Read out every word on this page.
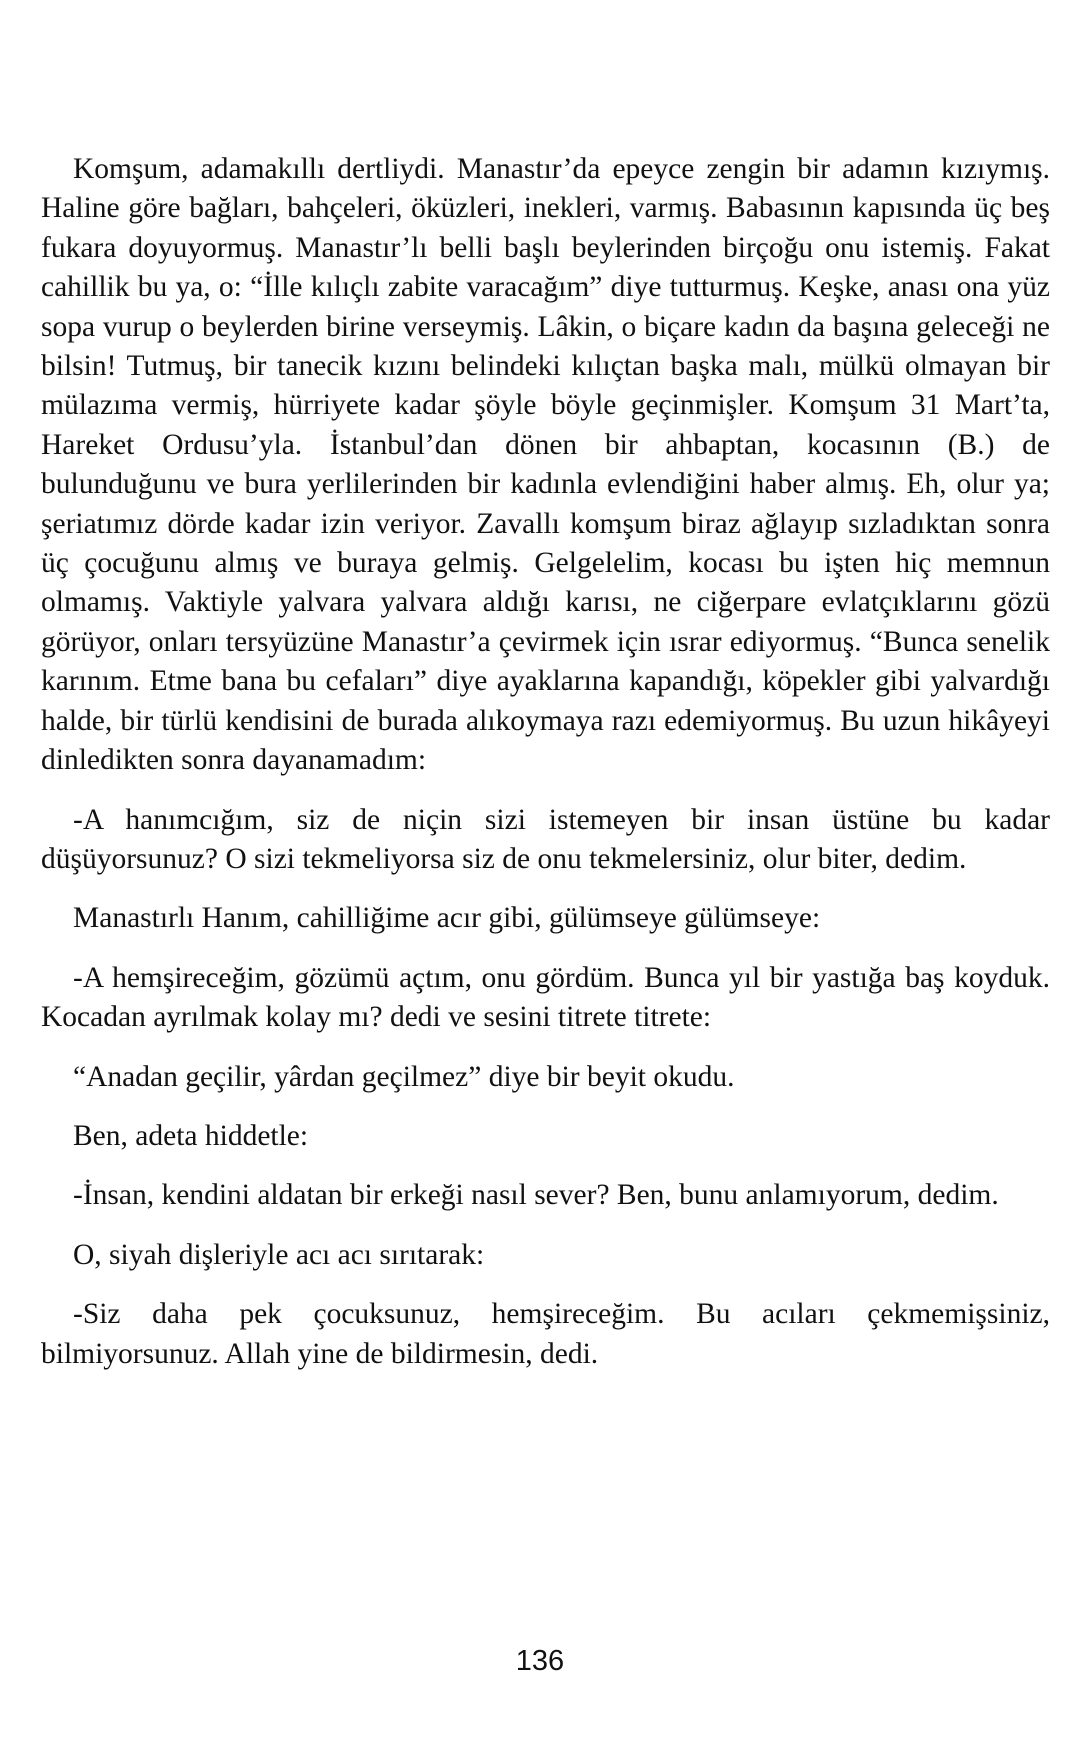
Komşum, adamakıllı dertliydi. Manastır’da epeyce zengin bir adamın kızıymış. Haline göre bağları, bahçeleri, öküzleri, inekleri, varmış. Babasının kapısında üç beş fukara doyuyormuş. Manastır’lı belli başlı beylerinden birçoğu onu istemiş. Fakat cahillik bu ya, o: “İlle kılıçlı zabite varacağım” diye tutturmuş. Keşke, anası ona yüz sopa vurup o beylerden birine verseymiş. Lâkin, o biçare kadın da başına geleceği ne bilsin! Tutmuş, bir tanecik kızını belindeki kılıçtan başka malı, mülkü olmayan bir mülazıma vermiş, hürriyete kadar şöyle böyle geçinmişler. Komşum 31 Mart’ta, Hareket Ordusu’yla. İstanbul’dan dönen bir ahbaptan, kocasının (B.) de bulunduğunu ve bura yerlilerinden bir kadınla evlendiğini haber almış. Eh, olur ya; şeriatımız dörde kadar izin veriyor. Zavallı komşum biraz ağlayıp sızladıktan sonra üç çocuğunu almış ve buraya gelmiş. Gelgelelim, kocası bu işten hiç memnun olmamış. Vaktiyle yalvara yalvara aldığı karısı, ne ciğerpare evlatçıklarını gözü görüyor, onları tersyüzüne Manastır’a çevirmek için ısrar ediyormuş. “Bunca senelik karınım. Etme bana bu cefaları” diye ayaklarına kapandığı, köpekler gibi yalvardığı halde, bir türlü kendisini de burada alıkoymaya razı edemiyormuş. Bu uzun hikâyeyi dinledikten sonra dayanamadım:

-A hanımcığım, siz de niçin sizi istemeyen bir insan üstüne bu kadar düşüyorsunuz? O sizi tekmeliyorsa siz de onu tekmelersiniz, olur biter, dedim.

Manastırlı Hanım, cahilliğime acır gibi, gülümseye gülümseye:

-A hemşireceğim, gözümü açtım, onu gördüm. Bunca yıl bir yastığa baş koyduk. Kocadan ayrılmak kolay mı? dedi ve sesini titrete titrete:

“Anadan geçilir, yârdan geçilmez” diye bir beyit okudu.

Ben, adeta hiddetle:

-İnsan, kendini aldatan bir erkeği nasıl sever? Ben, bunu anlamıyorum, dedim.

O, siyah dişleriyle acı acı sırıtarak:

-Siz daha pek çocuksunuz, hemşireceğim. Bu acıları çekmemişsiniz, bilmiyorsunuz. Allah yine de bildirmesin, dedi.

136
